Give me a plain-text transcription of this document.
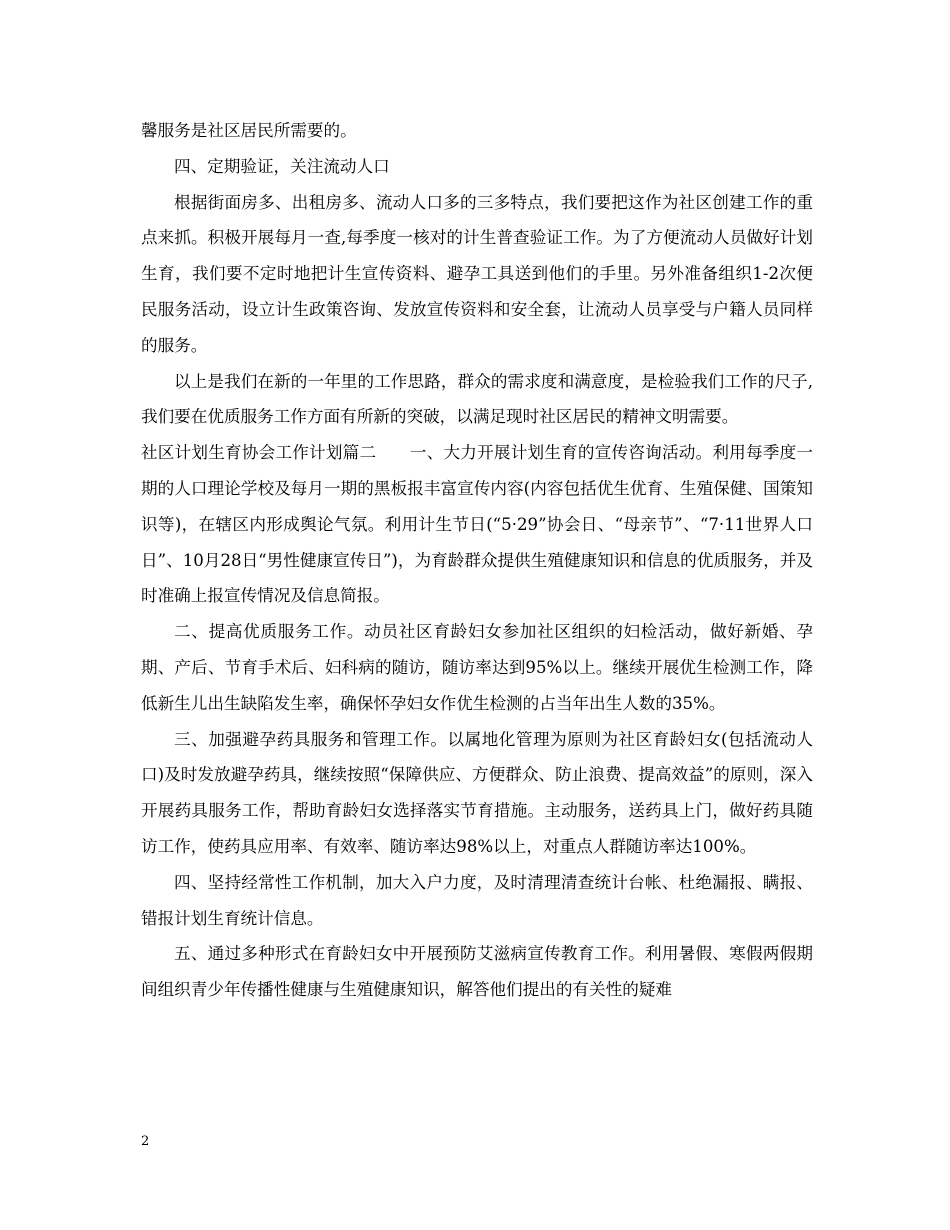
馨服务是社区居民所需要的。

四、定期验证，关注流动人口

根据街面房多、出租房多、流动人口多的三多特点，我们要把这作为社区创建工作的重点来抓。积极开展每月一查,每季度一核对的计生普查验证工作。为了方便流动人员做好计划生育，我们要不定时地把计生宣传资料、避孕工具送到他们的手里。另外准备组织1-2次便民服务活动，设立计生政策咨询、发放宣传资料和安全套，让流动人员享受与户籍人员同样的服务。

以上是我们在新的一年里的工作思路，群众的需求度和满意度，是检验我们工作的尺子,我们要在优质服务工作方面有所新的突破，以满足现时社区居民的精神文明需要。

社区计划生育协会工作计划篇二　　一、大力开展计划生育的宣传咨询活动。利用每季度一期的人口理论学校及每月一期的黑板报丰富宣传内容(内容包括优生优育、生殖保健、国策知识等)，在辖区内形成舆论气氛。利用计生节日(“5·29”协会日、“母亲节”、“7·11世界人口日”、10月28日“男性健康宣传日”)，为育龄群众提供生殖健康知识和信息的优质服务，并及时准确上报宣传情况及信息简报。

二、提高优质服务工作。动员社区育龄妇女参加社区组织的妇检活动，做好新婚、孕期、产后、节育手术后、妇科病的随访，随访率达到95%以上。继续开展优生检测工作，降低新生儿出生缺陷发生率，确保怀孕妇女作优生检测的占当年出生人数的35%。

三、加强避孕药具服务和管理工作。以属地化管理为原则为社区育龄妇女(包括流动人口)及时发放避孕药具，继续按照“保障供应、方便群众、防止浪费、提高效益”的原则，深入开展药具服务工作，帮助育龄妇女选择落实节育措施。主动服务，送药具上门，做好药具随访工作，使药具应用率、有效率、随访率达98%以上，对重点人群随访率达100%。

四、坚持经常性工作机制，加大入户力度，及时清理清查统计台帐、杜绝漏报、瞒报、错报计划生育统计信息。

五、通过多种形式在育龄妇女中开展预防艾滋病宣传教育工作。利用暑假、寒假两假期间组织青少年传播性健康与生殖健康知识，解答他们提出的有关性的疑难

2
